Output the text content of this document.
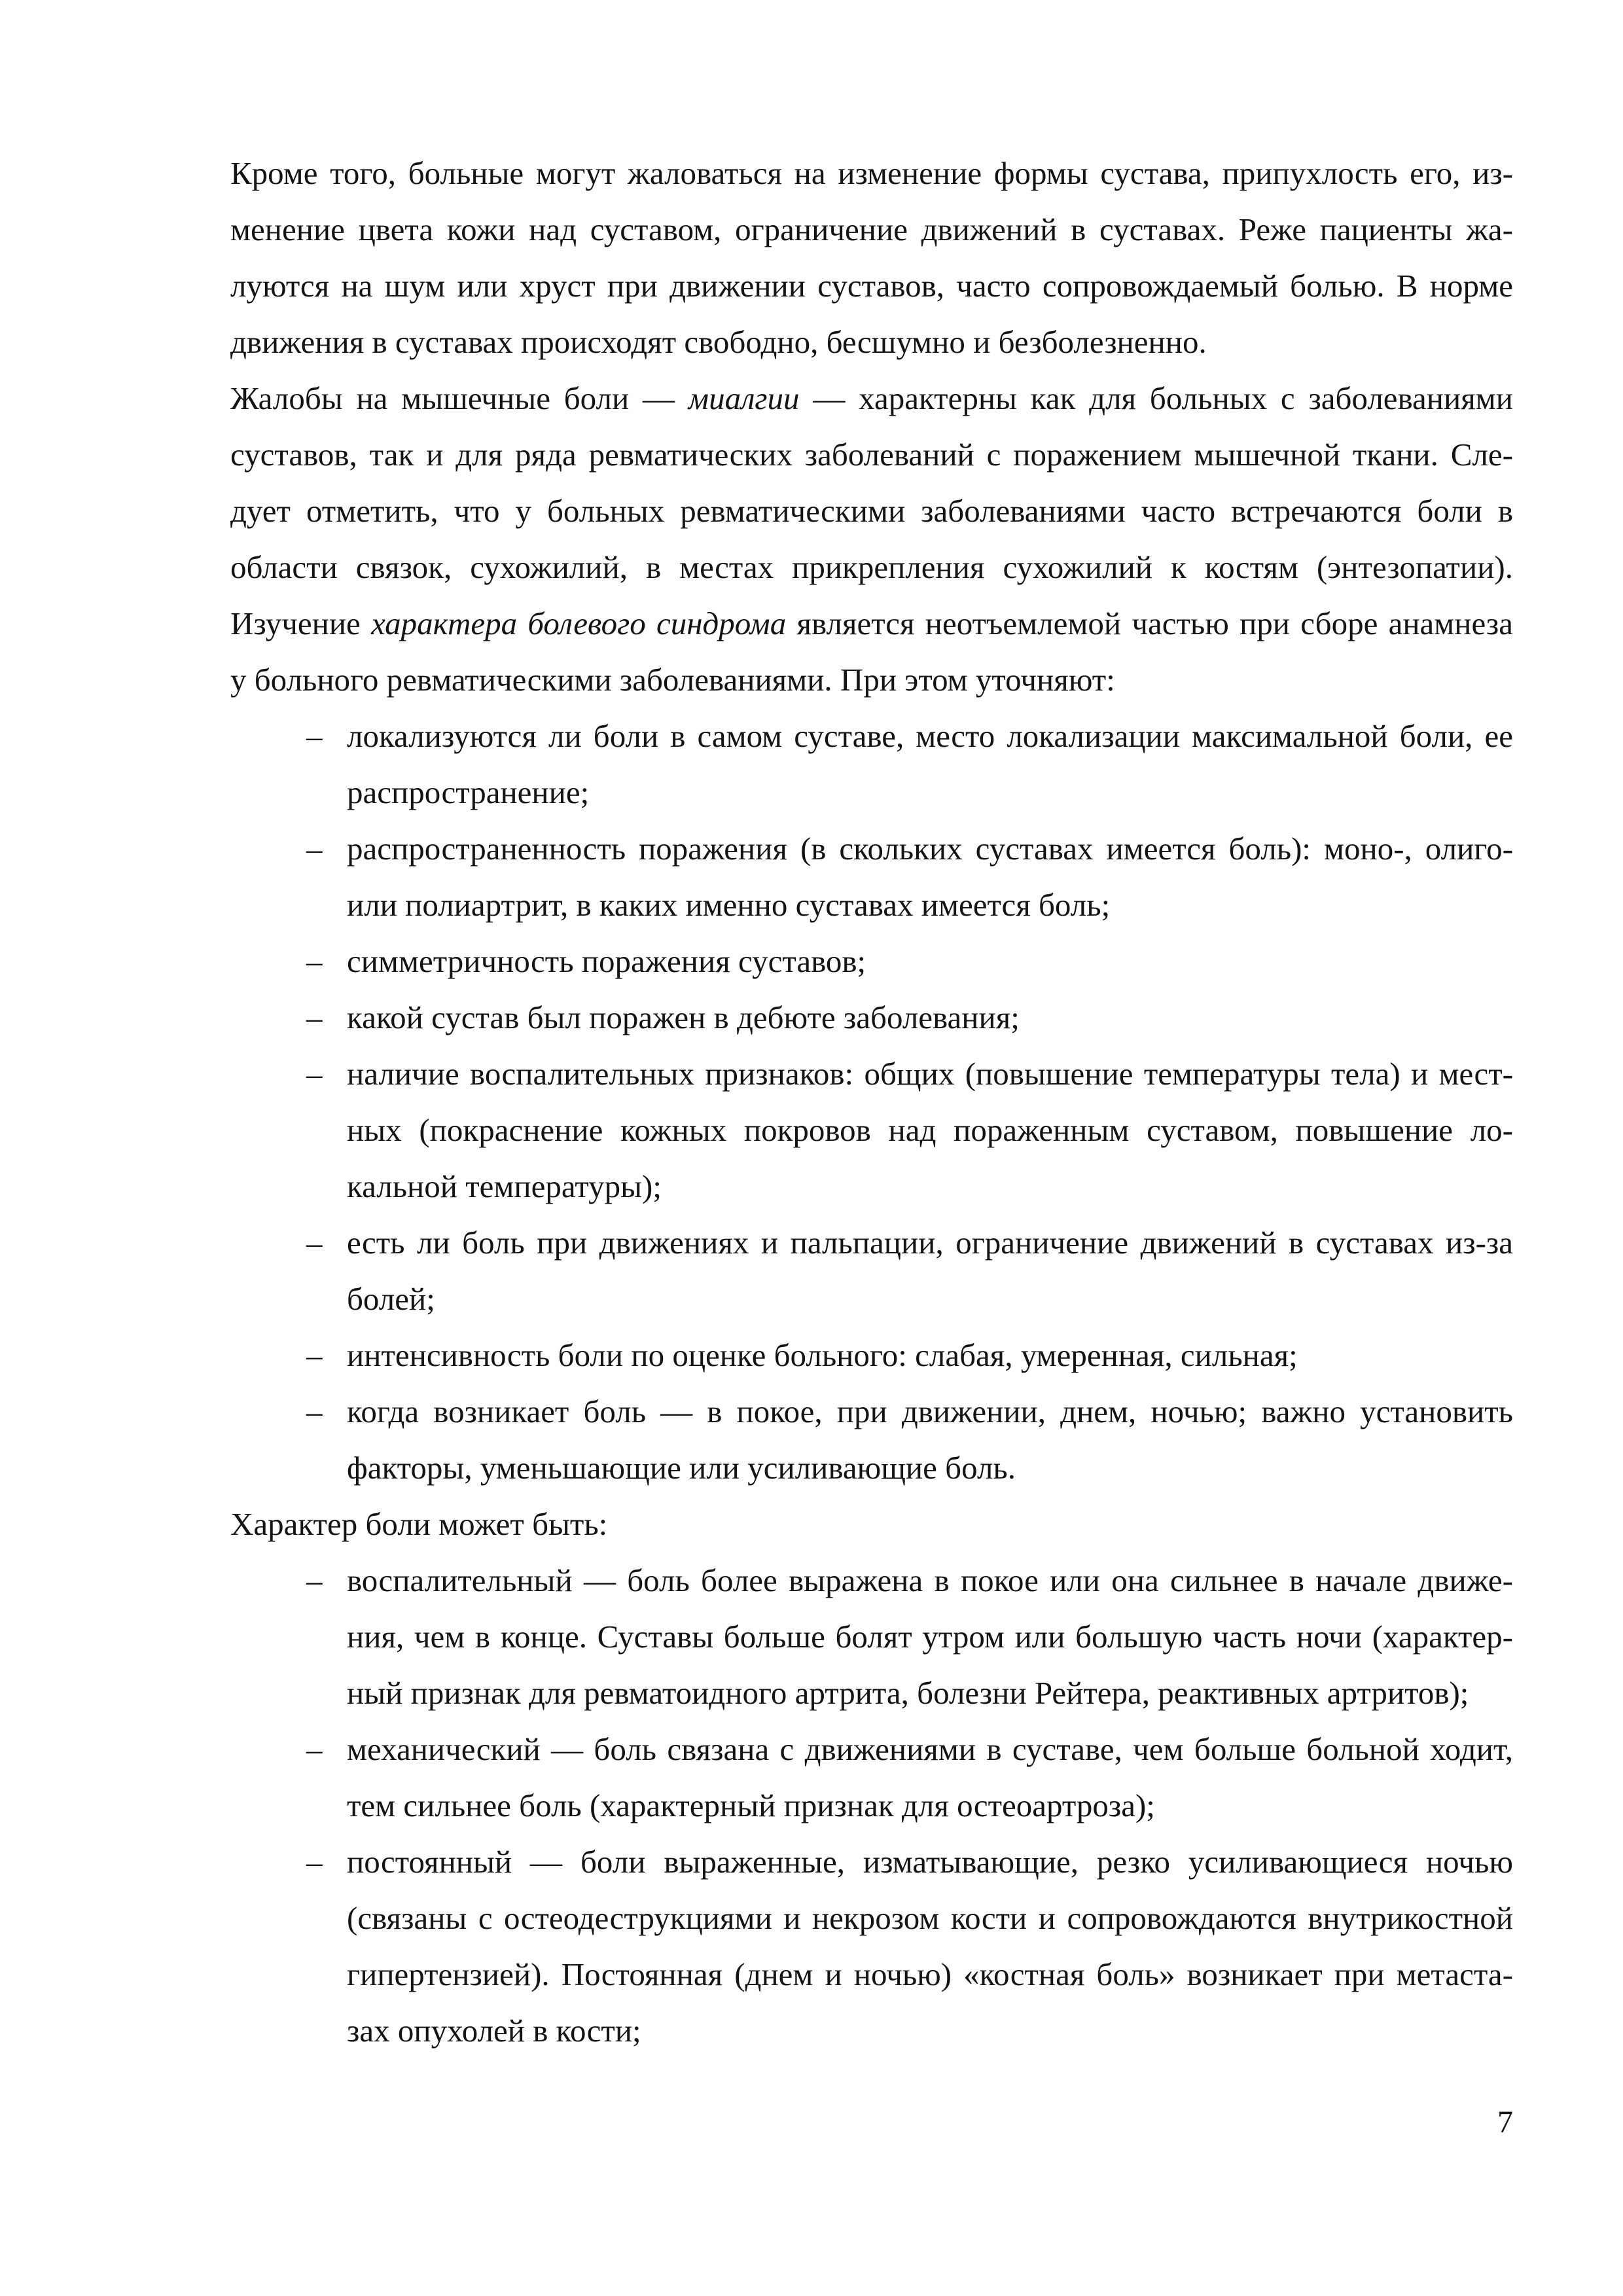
Кроме того, больные могут жаловаться на изменение формы сустава, припухлость его, из-
менение цвета кожи над суставом, ограничение движений в суставах. Реже пациенты жа-
луются на шум или хруст при движении суставов, часто сопровождаемый болью. В норме
движения в суставах происходят свободно, бесшумно и безболезненно.
Жалобы на мышечные боли — миалгии — характерны как для больных с заболеваниями
суставов, так и для ряда ревматических заболеваний с поражением мышечной ткани. Сле-
дует отметить, что у больных ревматическими заболеваниями часто встречаются боли в
области связок, сухожилий, в местах прикрепления сухожилий к костям (энтезопатии).
Изучение характера болевого синдрома является неотъемлемой частью при сборе анамнеза
у больного ревматическими заболеваниями. При этом уточняют:
– локализуются ли боли в самом суставе, место локализации максимальной боли, ее
распространение;
– распространенность поражения (в скольких суставах имеется боль): моно-, олиго-
или полиартрит, в каких именно суставах имеется боль;
– симметричность поражения суставов;
– какой сустав был поражен в дебюте заболевания;
– наличие воспалительных признаков: общих (повышение температуры тела) и мест-
ных (покраснение кожных покровов над пораженным суставом, повышение ло-
кальной температуры);
– есть ли боль при движениях и пальпации, ограничение движений в суставах из-за
болей;
– интенсивность боли по оценке больного: слабая, умеренная, сильная;
– когда возникает боль — в покое, при движении, днем, ночью; важно установить
факторы, уменьшающие или усиливающие боль.
Характер боли может быть:
– воспалительный — боль более выражена в покое или она сильнее в начале движе-
ния, чем в конце. Суставы больше болят утром или большую часть ночи (характер-
ный признак для ревматоидного артрита, болезни Рейтера, реактивных артритов);
– механический — боль связана с движениями в суставе, чем больше больной ходит,
тем сильнее боль (характерный признак для остеоартроза);
– постоянный — боли выраженные, изматывающие, резко усиливающиеся ночью
(связаны с остеодеструкциями и некрозом кости и сопровождаются внутрикостной
гипертензией). Постоянная (днем и ночью) «костная боль» возникает при метаста-
зах опухолей в кости;
7
